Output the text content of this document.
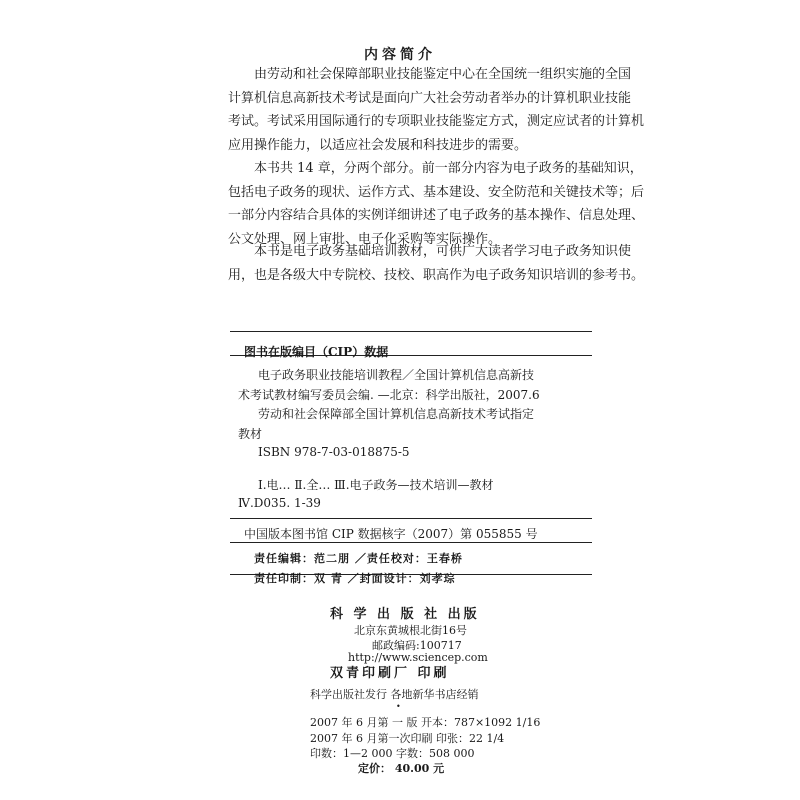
内容简介
由劳动和社会保障部职业技能鉴定中心在全国统一组织实施的全国
计算机信息高新技术考试是面向广大社会劳动者举办的计算机职业技能
考试。考试采用国际通行的专项职业技能鉴定方式，测定应试者的计算机
应用操作能力，以适应社会发展和科技进步的需要。
本书共 14 章，分两个部分。前一部分内容为电子政务的基础知识，
包括电子政务的现状、运作方式、基本建设、安全防范和关键技术等；后
一部分内容结合具体的实例详细讲述了电子政务的基本操作、信息处理、
公文处理、网上审批、电子化采购等实际操作。
本书是电子政务基础培训教材，可供广大读者学习电子政务知识使
用，也是各级大中专院校、技校、职高作为电子政务知识培训的参考书。
图书在版编目（CIP）数据
电子政务职业技能培训教程／全国计算机信息高新技
术考试教材编写委员会编. —北京：科学出版社，2007.6
劳动和社会保障部全国计算机信息高新技术考试指定
教材
ISBN 978-7-03-018875-5
Ⅰ.电… Ⅱ.全… Ⅲ.电子政务—技术培训—教材
Ⅳ.D035. 1-39
中国版本图书馆 CIP 数据核字（2007）第 055855 号
责任编辑：范二朋 ／责任校对：王春桥
责任印制：双 青 ／封面设计：刘孝琮
科 学 出 版 社 出版
北京东黄城根北街16号
邮政编码:100717
http://www.sciencep.com
双青印刷厂 印刷
科学出版社发行 各地新华书店经销
•
2007 年 6 月第 一 版 开本：787×1092 1/16
2007 年 6 月第一次印刷 印张：22 1/4
印数：1—2 000 字数：508 000
定价： 40.00 元
